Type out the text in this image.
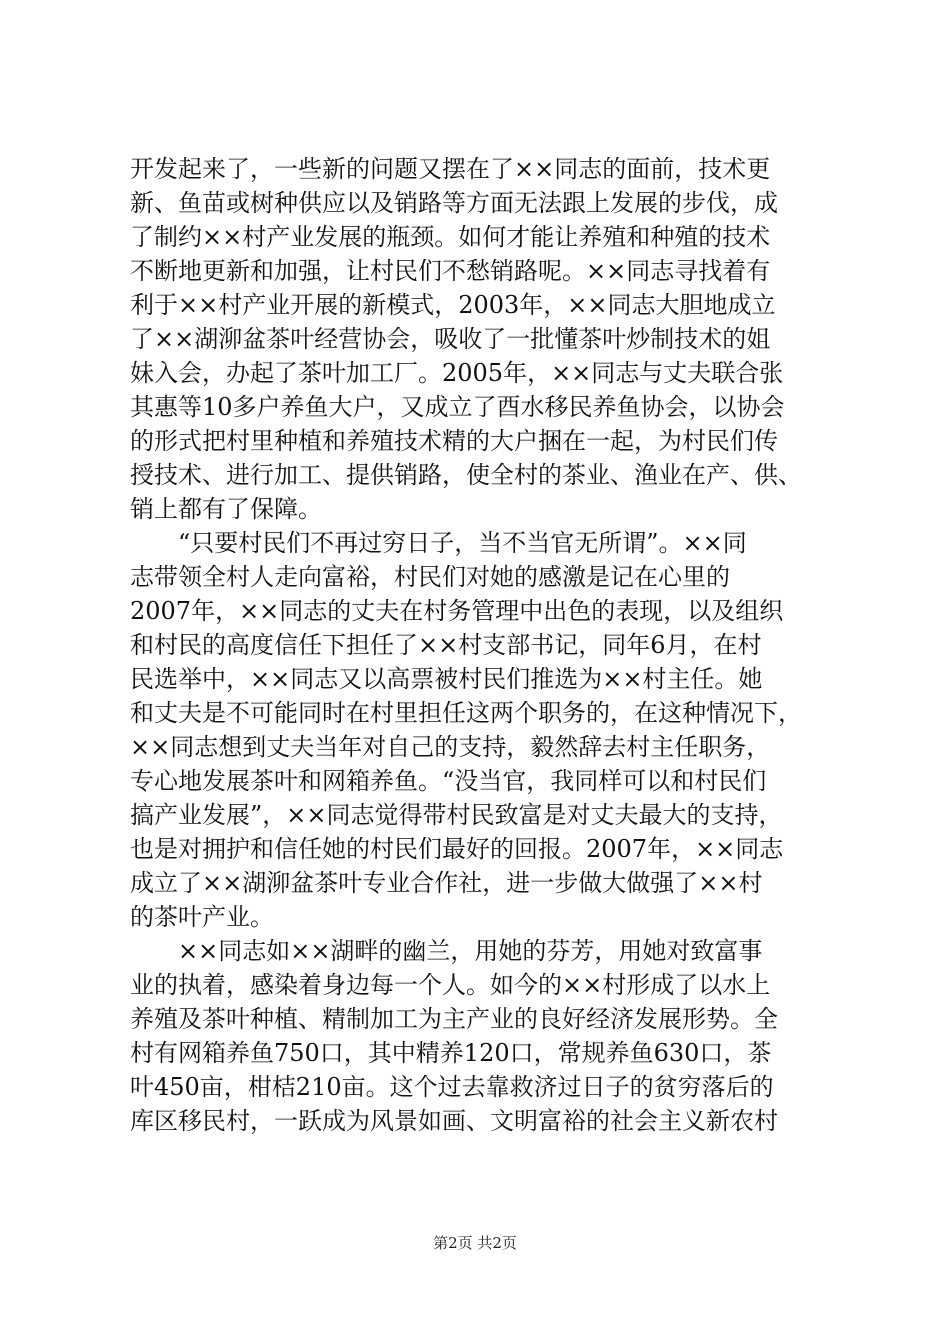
开发起来了，一些新的问题又摆在了××同志的面前，技术更
新、鱼苗或树种供应以及销路等方面无法跟上发展的步伐，成
了制约××村产业发展的瓶颈。如何才能让养殖和种殖的技术
不断地更新和加强，让村民们不愁销路呢。××同志寻找着有
利于××村产业开展的新模式，2003年，××同志大胆地成立
了××湖泖盆茶叶经营协会，吸收了一批懂茶叶炒制技术的姐
妹入会，办起了茶叶加工厂。2005年，××同志与丈夫联合张
其惠等10多户养鱼大户，又成立了酉水移民养鱼协会，以协会
的形式把村里种植和养殖技术精的大户捆在一起，为村民们传
授技术、进行加工、提供销路，使全村的茶业、渔业在产、供、
销上都有了保障。
“只要村民们不再过穷日子，当不当官无所谓”。××同
志带领全村人走向富裕，村民们对她的感激是记在心里的
2007年，××同志的丈夫在村务管理中出色的表现，以及组织
和村民的高度信任下担任了××村支部书记，同年6月，在村
民选举中，××同志又以高票被村民们推选为××村主任。她
和丈夫是不可能同时在村里担任这两个职务的，在这种情况下，
××同志想到丈夫当年对自己的支持，毅然辞去村主任职务，
专心地发展茶叶和网箱养鱼。“没当官，我同样可以和村民们
搞产业发展”，××同志觉得带村民致富是对丈夫最大的支持，
也是对拥护和信任她的村民们最好的回报。2007年，××同志
成立了××湖泖盆茶叶专业合作社，进一步做大做强了××村
的茶叶产业。
××同志如××湖畔的幽兰，用她的芬芳，用她对致富事
业的执着，感染着身边每一个人。如今的××村形成了以水上
养殖及茶叶种植、精制加工为主产业的良好经济发展形势。全
村有网箱养鱼750口，其中精养120口，常规养鱼630口，茶
叶450亩，柑桔210亩。这个过去靠救济过日子的贫穷落后的
库区移民村，一跃成为风景如画、文明富裕的社会主义新农村
第2页 共2页
